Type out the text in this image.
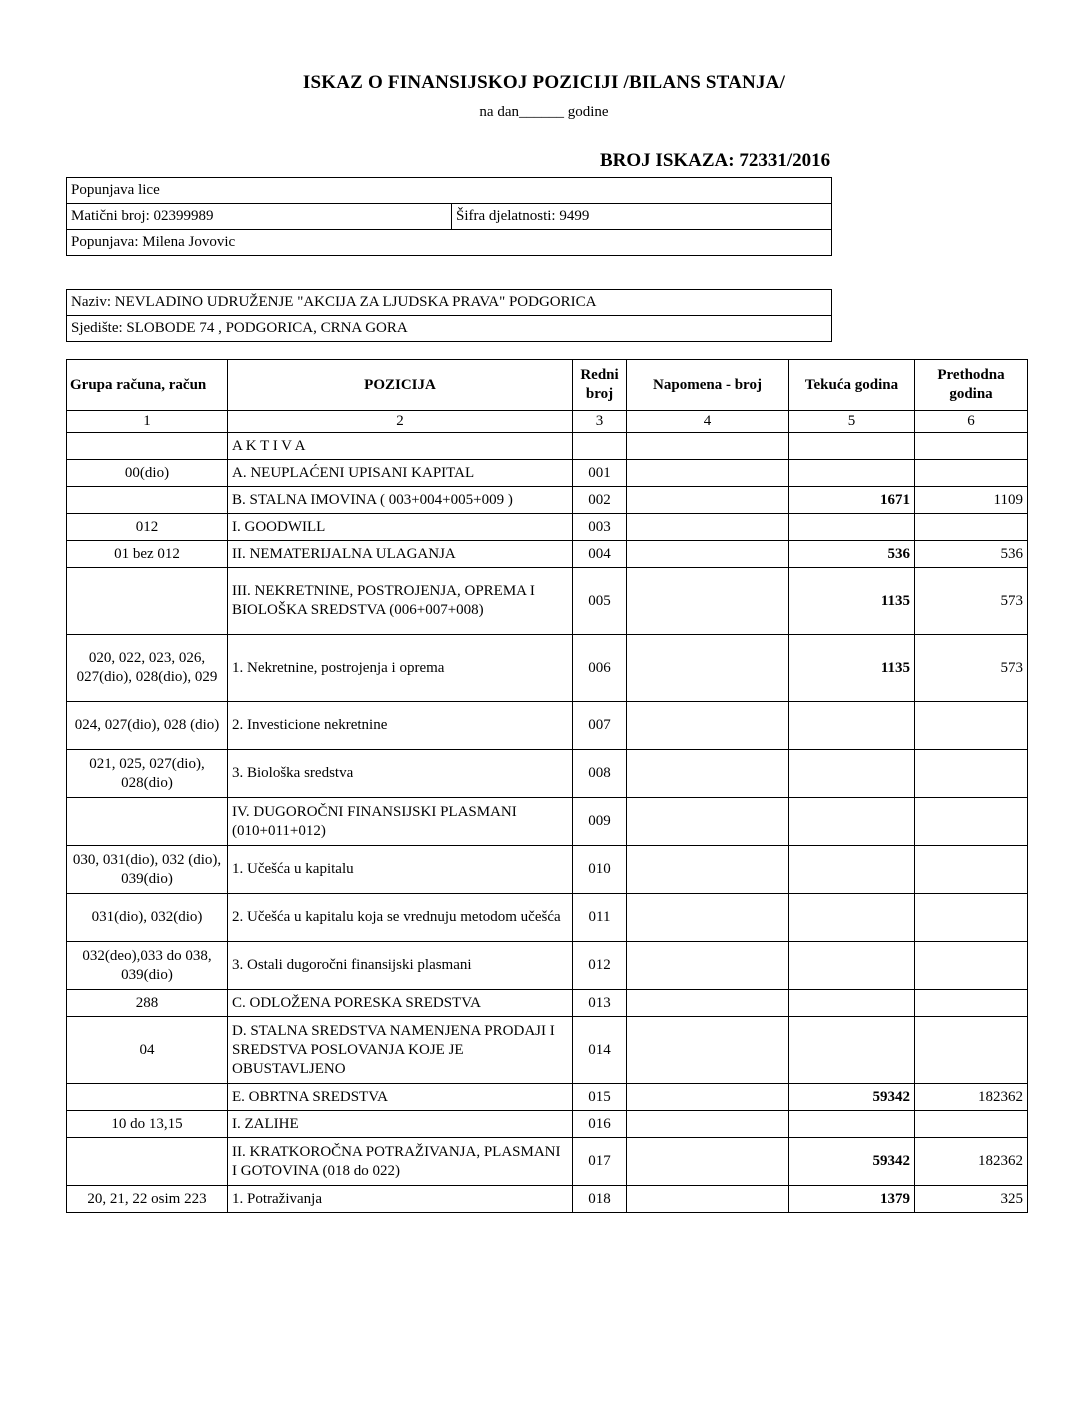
ISKAZ O FINANSIJSKOJ POZICIJI /BILANS STANJA/
na dan______ godine
BROJ ISKAZA: 72331/2016
Popunjava lice
Matični broj: 02399989	Šifra djelatnosti: 9499
Popunjava: Milena Jovovic
Naziv: NEVLADINO UDRUŽENJE "AKCIJA ZA LJUDSKA PRAVA" PODGORICA
Sjedište: SLOBODE 74 , PODGORICA, CRNA GORA
Grupa računa, račun	POZICIJA	Redni broj	Napomena - broj	Tekuća godina	Prethodna godina
1	2	3	4	5	6
	A K T I V A				
00(dio)	A. NEUPLAĆENI UPISANI KAPITAL	001			
	B. STALNA IMOVINA ( 003+004+005+009 )	002		1671	1109
012	I. GOODWILL	003			
01 bez 012	II. NEMATERIJALNA ULAGANJA	004		536	536
	III. NEKRETNINE, POSTROJENJA, OPREMA I BIOLOŠKA SREDSTVA (006+007+008)	005		1135	573
020, 022, 023, 026, 027(dio), 028(dio), 029	1. Nekretnine, postrojenja i oprema	006		1135	573
024, 027(dio), 028 (dio)	2. Investicione nekretnine	007			
021, 025, 027(dio), 028(dio)	3. Biološka sredstva	008			
	IV. DUGOROČNI FINANSIJSKI PLASMANI (010+011+012)	009			
030, 031(dio), 032 (dio), 039(dio)	1. Učešća u kapitalu	010			
031(dio), 032(dio)	2. Učešća u kapitalu koja se vrednuju metodom učešća	011			
032(deo),033 do 038, 039(dio)	3. Ostali dugoročni finansijski plasmani	012			
288	C. ODLOŽENA PORESKA SREDSTVA	013			
04	D. STALNA SREDSTVA NAMENJENA PRODAJI I SREDSTVA POSLOVANJA KOJE JE OBUSTAVLJENO	014			
	E. OBRTNA SREDSTVA	015		59342	182362
10 do 13,15	I. ZALIHE	016			
	II. KRATKOROČNA POTRAŽIVANJA, PLASMANI I GOTOVINA (018 do 022)	017		59342	182362
20, 21, 22 osim 223	1. Potraživanja	018		1379	325
